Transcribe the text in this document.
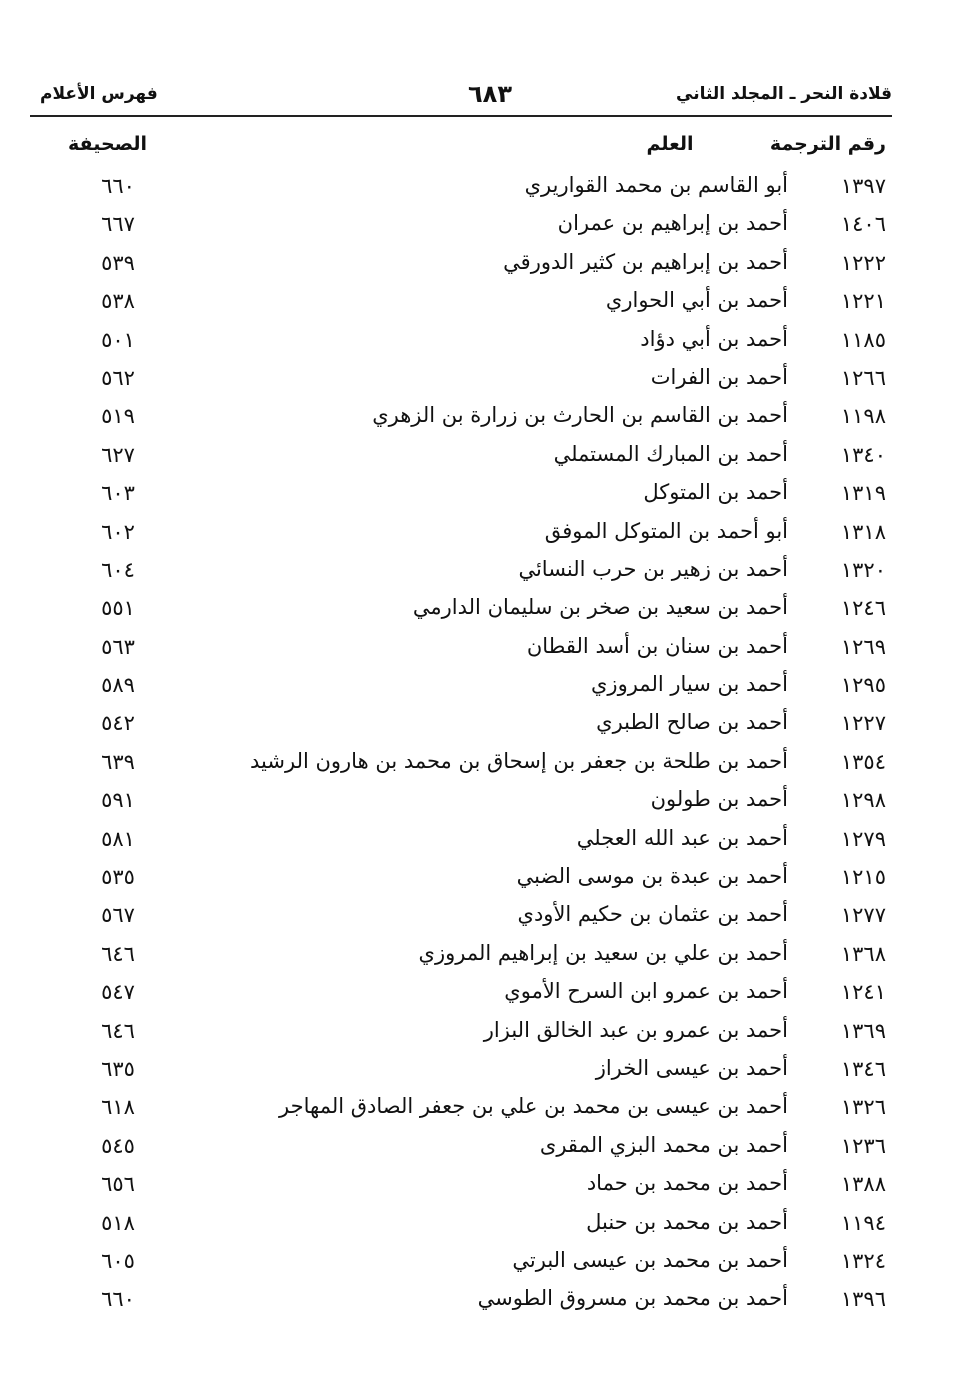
قلادة النحر ـ المجلد الثاني
٦٨٣
فهرس الأعلام
رقم الترجمة
العلم
الصحيفة
١٣٩٧
أبو القاسم بن محمد القواريري
٦٦٠
١٤٠٦
أحمد بن إبراهيم بن عمران
٦٦٧
١٢٢٢
أحمد بن إبراهيم بن كثير الدورقي
٥٣٩
١٢٢١
أحمد بن أبي الحواري
٥٣٨
١١٨٥
أحمد بن أبي دؤاد
٥٠١
١٢٦٦
أحمد بن الفرات
٥٦٢
١١٩٨
أحمد بن القاسم بن الحارث بن زرارة بن الزهري
٥١٩
١٣٤٠
أحمد بن المبارك المستملي
٦٢٧
١٣١٩
أحمد بن المتوكل
٦٠٣
١٣١٨
أبو أحمد بن المتوكل الموفق
٦٠٢
١٣٢٠
أحمد بن زهير بن حرب النسائي
٦٠٤
١٢٤٦
أحمد بن سعيد بن صخر بن سليمان الدارمي
٥٥١
١٢٦٩
أحمد بن سنان بن أسد القطان
٥٦٣
١٢٩٥
أحمد بن سيار المروزي
٥٨٩
١٢٢٧
أحمد بن صالح الطبري
٥٤٢
١٣٥٤
أحمد بن طلحة بن جعفر بن إسحاق بن محمد بن هارون الرشيد
٦٣٩
١٢٩٨
أحمد بن طولون
٥٩١
١٢٧٩
أحمد بن عبد الله العجلي
٥٨١
١٢١٥
أحمد بن عبدة بن موسى الضبي
٥٣٥
١٢٧٧
أحمد بن عثمان بن حكيم الأودي
٥٦٧
١٣٦٨
أحمد بن علي بن سعيد بن إبراهيم المروزي
٦٤٦
١٢٤١
أحمد بن عمرو ابن السرح الأموي
٥٤٧
١٣٦٩
أحمد بن عمرو بن عبد الخالق البزار
٦٤٦
١٣٤٦
أحمد بن عيسى الخراز
٦٣٥
١٣٢٦
أحمد بن عيسى بن محمد بن علي بن جعفر الصادق المهاجر
٦١٨
١٢٣٦
أحمد بن محمد البزي المقرى
٥٤٥
١٣٨٨
أحمد بن محمد بن حماد
٦٥٦
١١٩٤
أحمد بن محمد بن حنبل
٥١٨
١٣٢٤
أحمد بن محمد بن عيسى البرتي
٦٠٥
١٣٩٦
أحمد بن محمد بن مسروق الطوسي
٦٦٠
